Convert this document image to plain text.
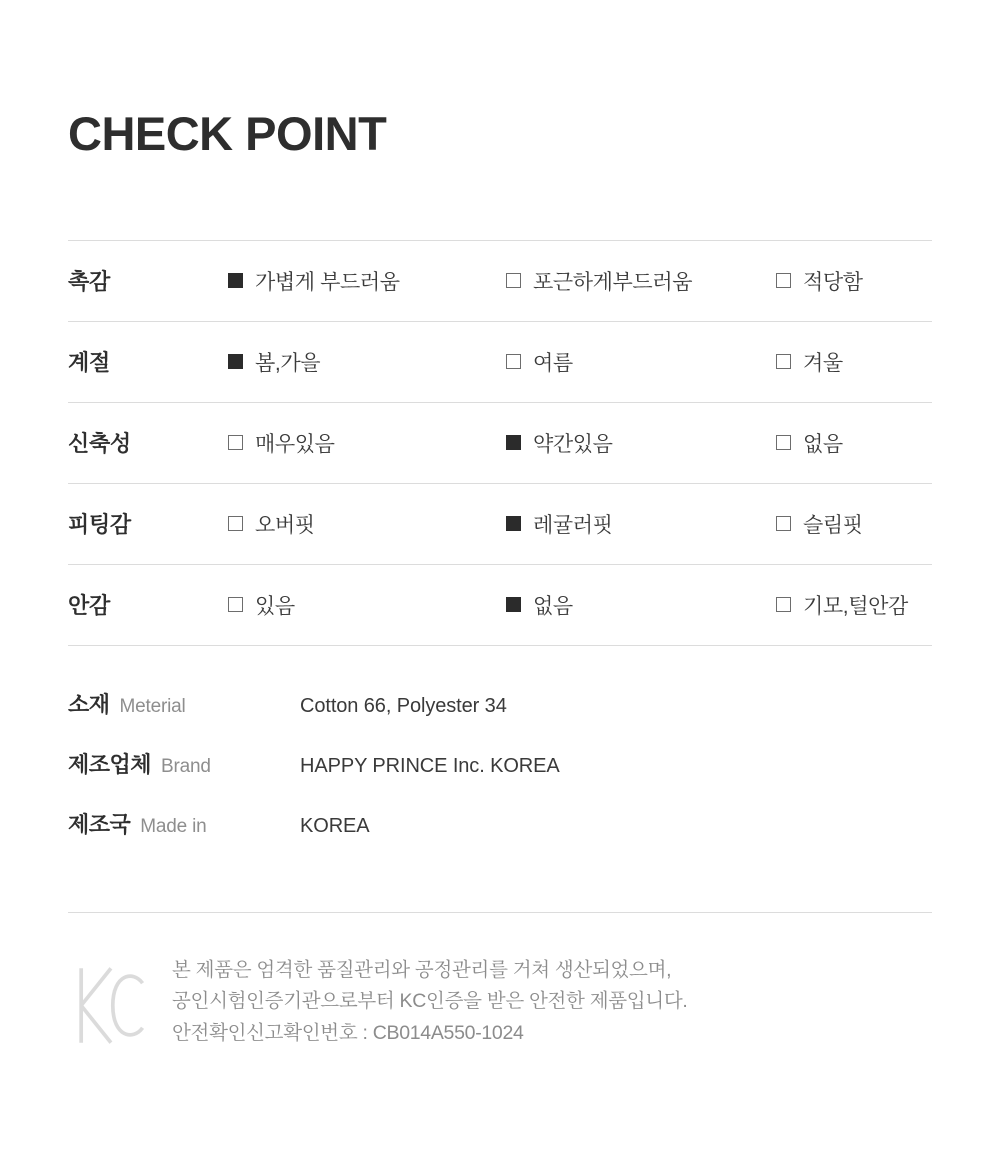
CHECK POINT
촉감	가볍게 부드러움	포근하게부드러움	적당함
계절	봄,가을	여름	겨울
신축성	매우있음	약간있음	없음
피팅감	오버핏	레귤러핏	슬림핏
안감	있음	없음	기모,털안감
소재 Meterial	Cotton 66, Polyester 34
제조업체 Brand	HAPPY PRINCE Inc. KOREA
제조국 Made in	KOREA
본 제품은 엄격한 품질관리와 공정관리를 거쳐 생산되었으며,
공인시험인증기관으로부터 KC인증을 받은 안전한 제품입니다.
안전확인신고확인번호 : CB014A550-1024
